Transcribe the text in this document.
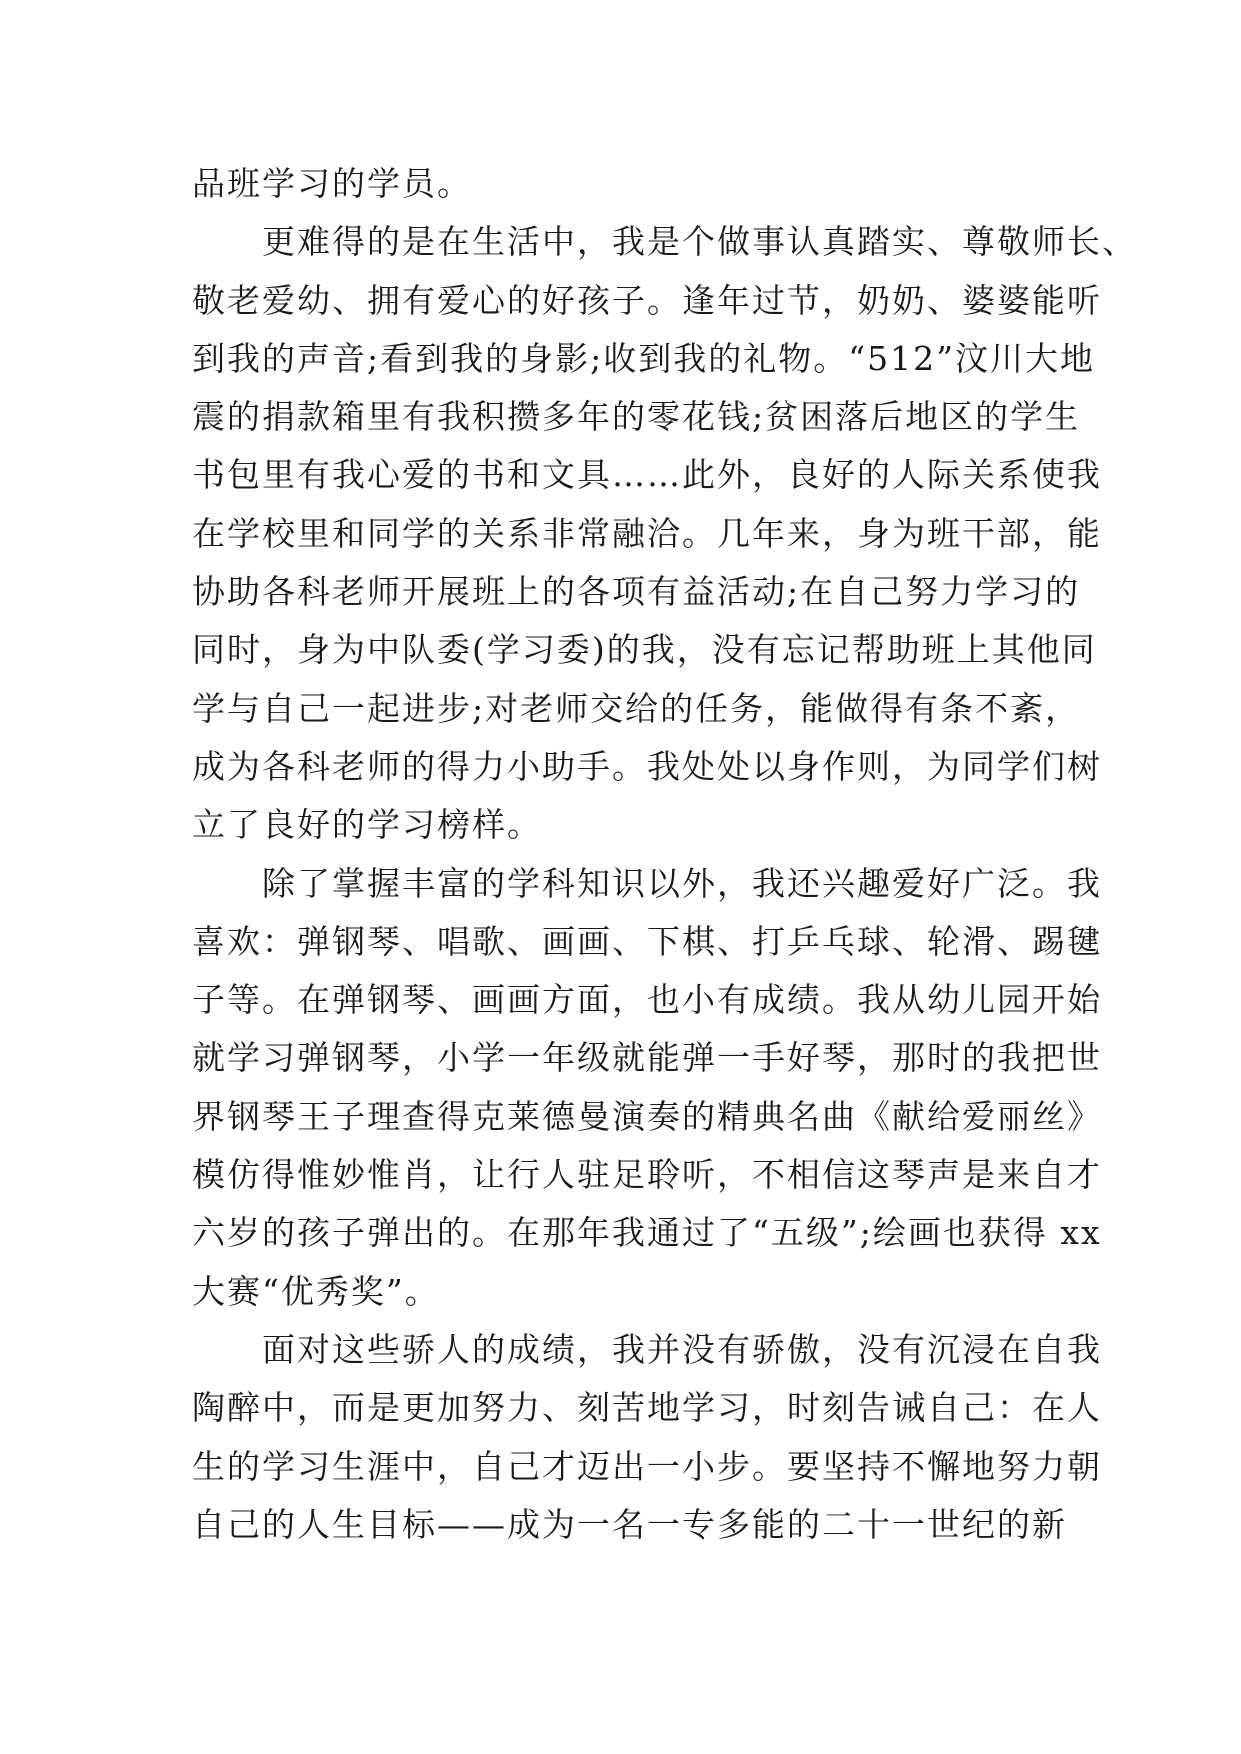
品班学习的学员。
　　更难得的是在生活中，我是个做事认真踏实、尊敬师长、
敬老爱幼、拥有爱心的好孩子。逢年过节，奶奶、婆婆能听
到我的声音;看到我的身影;收到我的礼物。“512”汶川大地
震的捐款箱里有我积攒多年的零花钱;贫困落后地区的学生
书包里有我心爱的书和文具……此外，良好的人际关系使我
在学校里和同学的关系非常融洽。几年来，身为班干部，能
协助各科老师开展班上的各项有益活动;在自己努力学习的
同时，身为中队委(学习委)的我，没有忘记帮助班上其他同
学与自己一起进步;对老师交给的任务，能做得有条不紊，
成为各科老师的得力小助手。我处处以身作则，为同学们树
立了良好的学习榜样。
　　除了掌握丰富的学科知识以外，我还兴趣爱好广泛。我
喜欢：弹钢琴、唱歌、画画、下棋、打乒乓球、轮滑、踢毽
子等。在弹钢琴、画画方面，也小有成绩。我从幼儿园开始
就学习弹钢琴，小学一年级就能弹一手好琴，那时的我把世
界钢琴王子理查得克莱德曼演奏的精典名曲《献给爱丽丝》
模仿得惟妙惟肖，让行人驻足聆听，不相信这琴声是来自才
六岁的孩子弹出的。在那年我通过了“五级”;绘画也获得 xx
大赛“优秀奖”。
　　面对这些骄人的成绩，我并没有骄傲，没有沉浸在自我
陶醉中，而是更加努力、刻苦地学习，时刻告诫自己：在人
生的学习生涯中，自己才迈出一小步。要坚持不懈地努力朝
自己的人生目标——成为一名一专多能的二十一世纪的新
